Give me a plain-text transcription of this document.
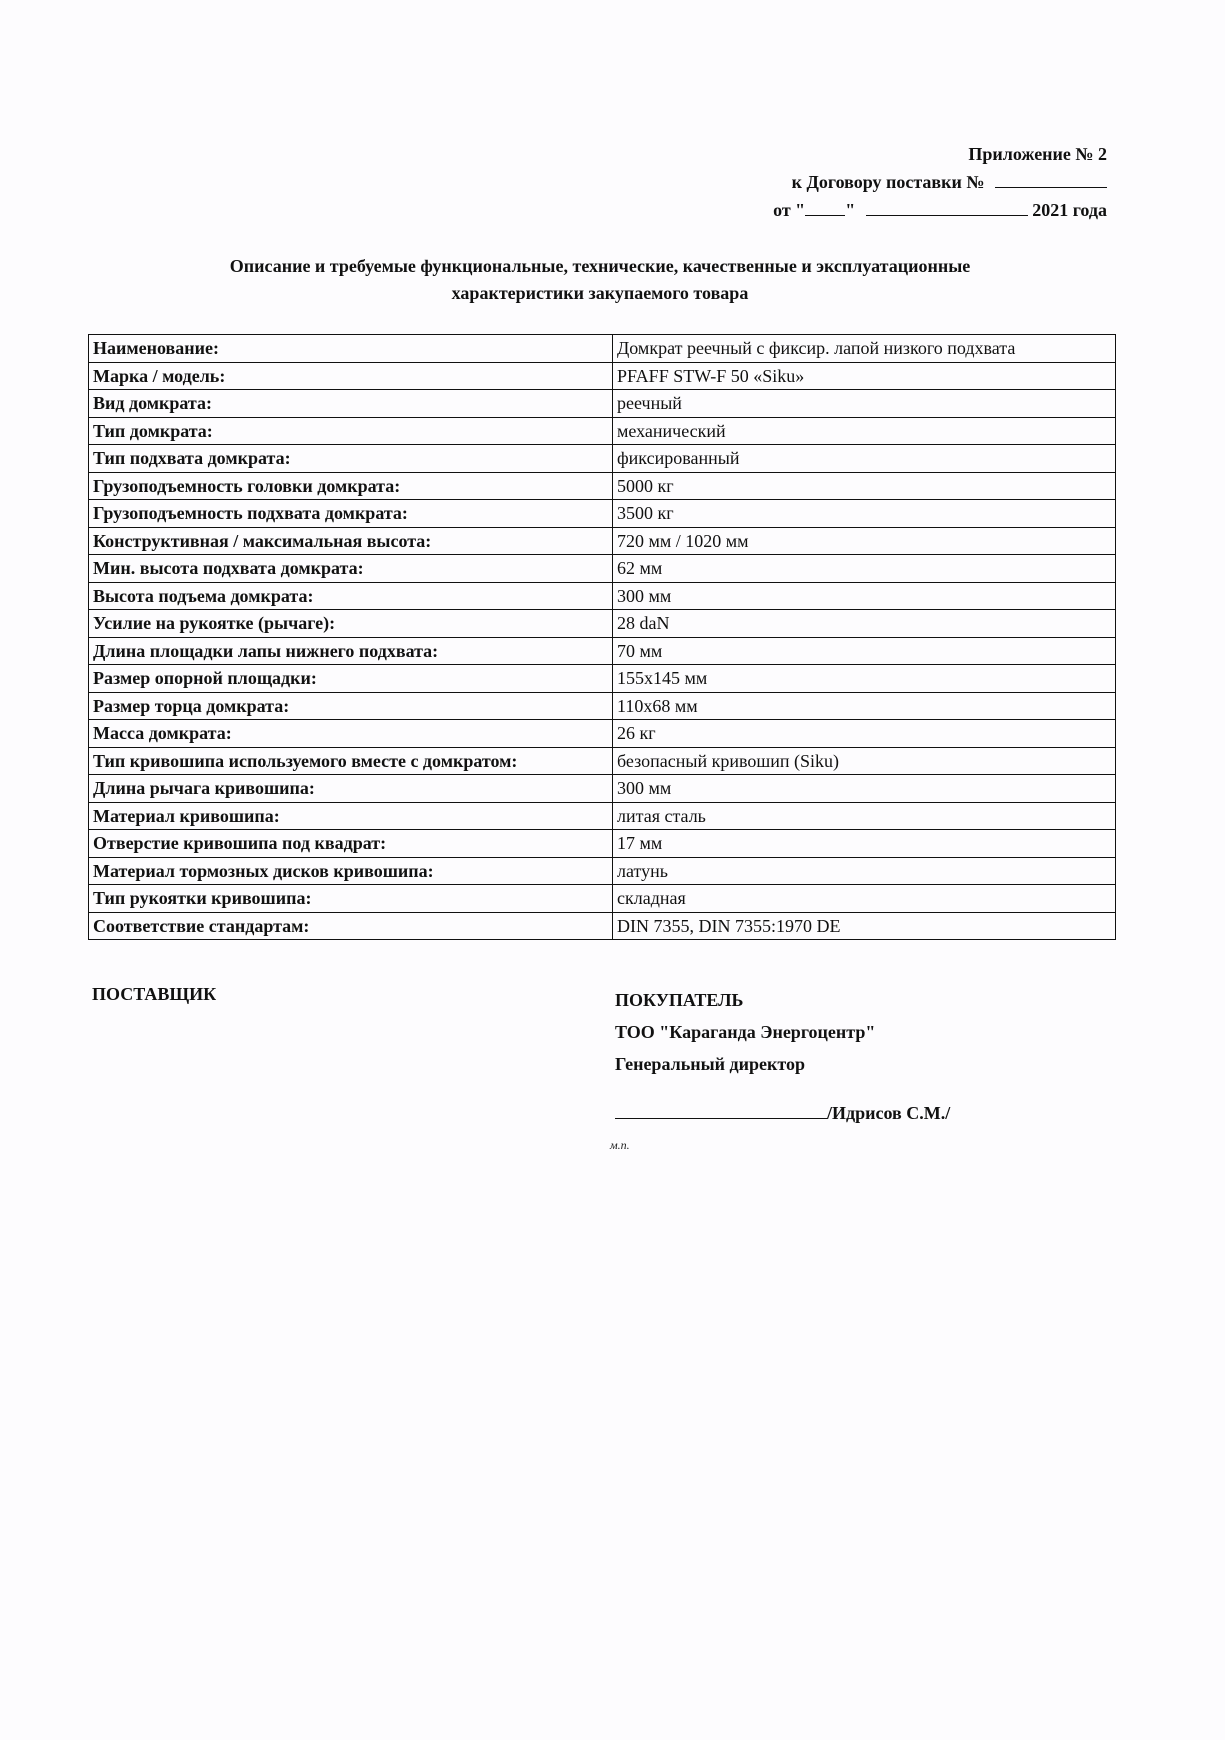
Приложение № 2
к Договору поставки №
от " "	2021 года
Описание и требуемые функциональные, технические, качественные и эксплуатационные
характеристики закупаемого товара
Наименование:	Домкрат реечный с фиксир. лапой низкого подхвата
Марка / модель:	PFAFF STW-F 50 «Siku»
Вид домкрата:	реечный
Тип домкрата:	механический
Тип подхвата домкрата:	фиксированный
Грузоподъемность головки домкрата:	5000 кг
Грузоподъемность подхвата домкрата:	3500 кг
Конструктивная / максимальная высота:	720 мм / 1020 мм
Мин. высота подхвата домкрата:	62 мм
Высота подъема домкрата:	300 мм
Усилие на рукоятке (рычаге):	28 daN
Длина площадки лапы нижнего подхвата:	70 мм
Размер опорной площадки:	155x145 мм
Размер торца домкрата:	110x68 мм
Масса домкрата:	26 кг
Тип кривошипа используемого вместе с домкратом:	безопасный кривошип (Siku)
Длина рычага кривошипа:	300 мм
Материал кривошипа:	литая сталь
Отверстие кривошипа под квадрат:	17 мм
Материал тормозных дисков кривошипа:	латунь
Тип рукоятки кривошипа:	складная
Соответствие стандартам:	DIN 7355, DIN 7355:1970 DE
ПОСТАВЩИК	ПОКУПАТЕЛЬ
ТОО "Караганда Энергоцентр"
Генеральный директор
/Идрисов С.М./
м.п.
